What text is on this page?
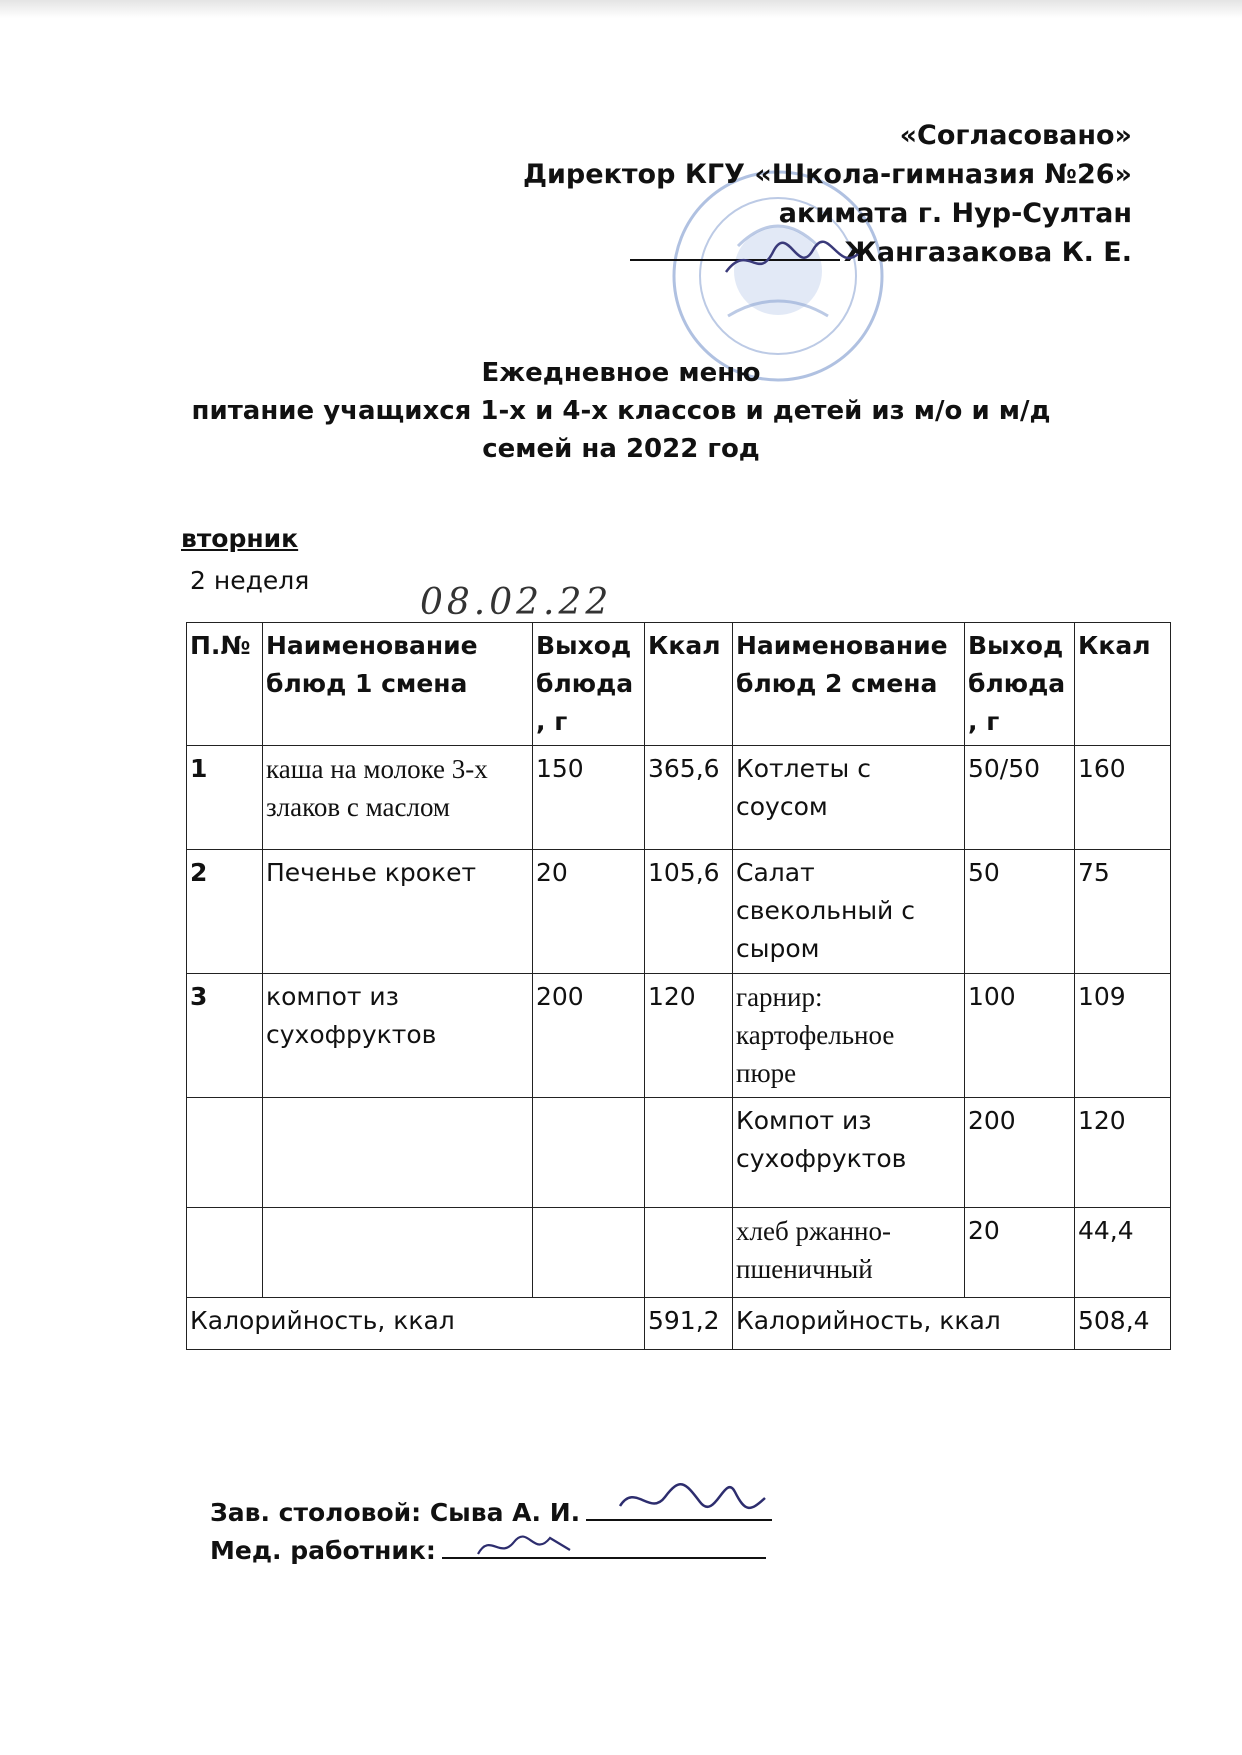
«Согласовано»
Директор КГУ «Школа-гимназия №26»
акимата г. Нур-Султан
Жангазакова К. Е.
Ежедневное меню
питание учащихся 1-х и 4-х классов и детей из м/о и м/д
семей на 2022 год
вторник
2 неделя
08.02.22
П.№	Наименование блюд 1 смена	Выход блюда, г	Ккал	Наименование блюд 2 смена	Выход блюда, г	Ккал
1	каша на молоке 3-х злаков с маслом	150	365,6	Котлеты с соусом	50/50	160
2	Печенье крокет	20	105,6	Салат свекольный с сыром	50	75
3	компот из сухофруктов	200	120	гарнир: картофельное пюре	100	109
				Компот из сухофруктов	200	120
				хлеб ржанно-пшеничный	20	44,4
Калорийность, ккал			591,2	Калорийность, ккал		508,4
Зав. столовой: Сыва А. И.
Мед. работник:
